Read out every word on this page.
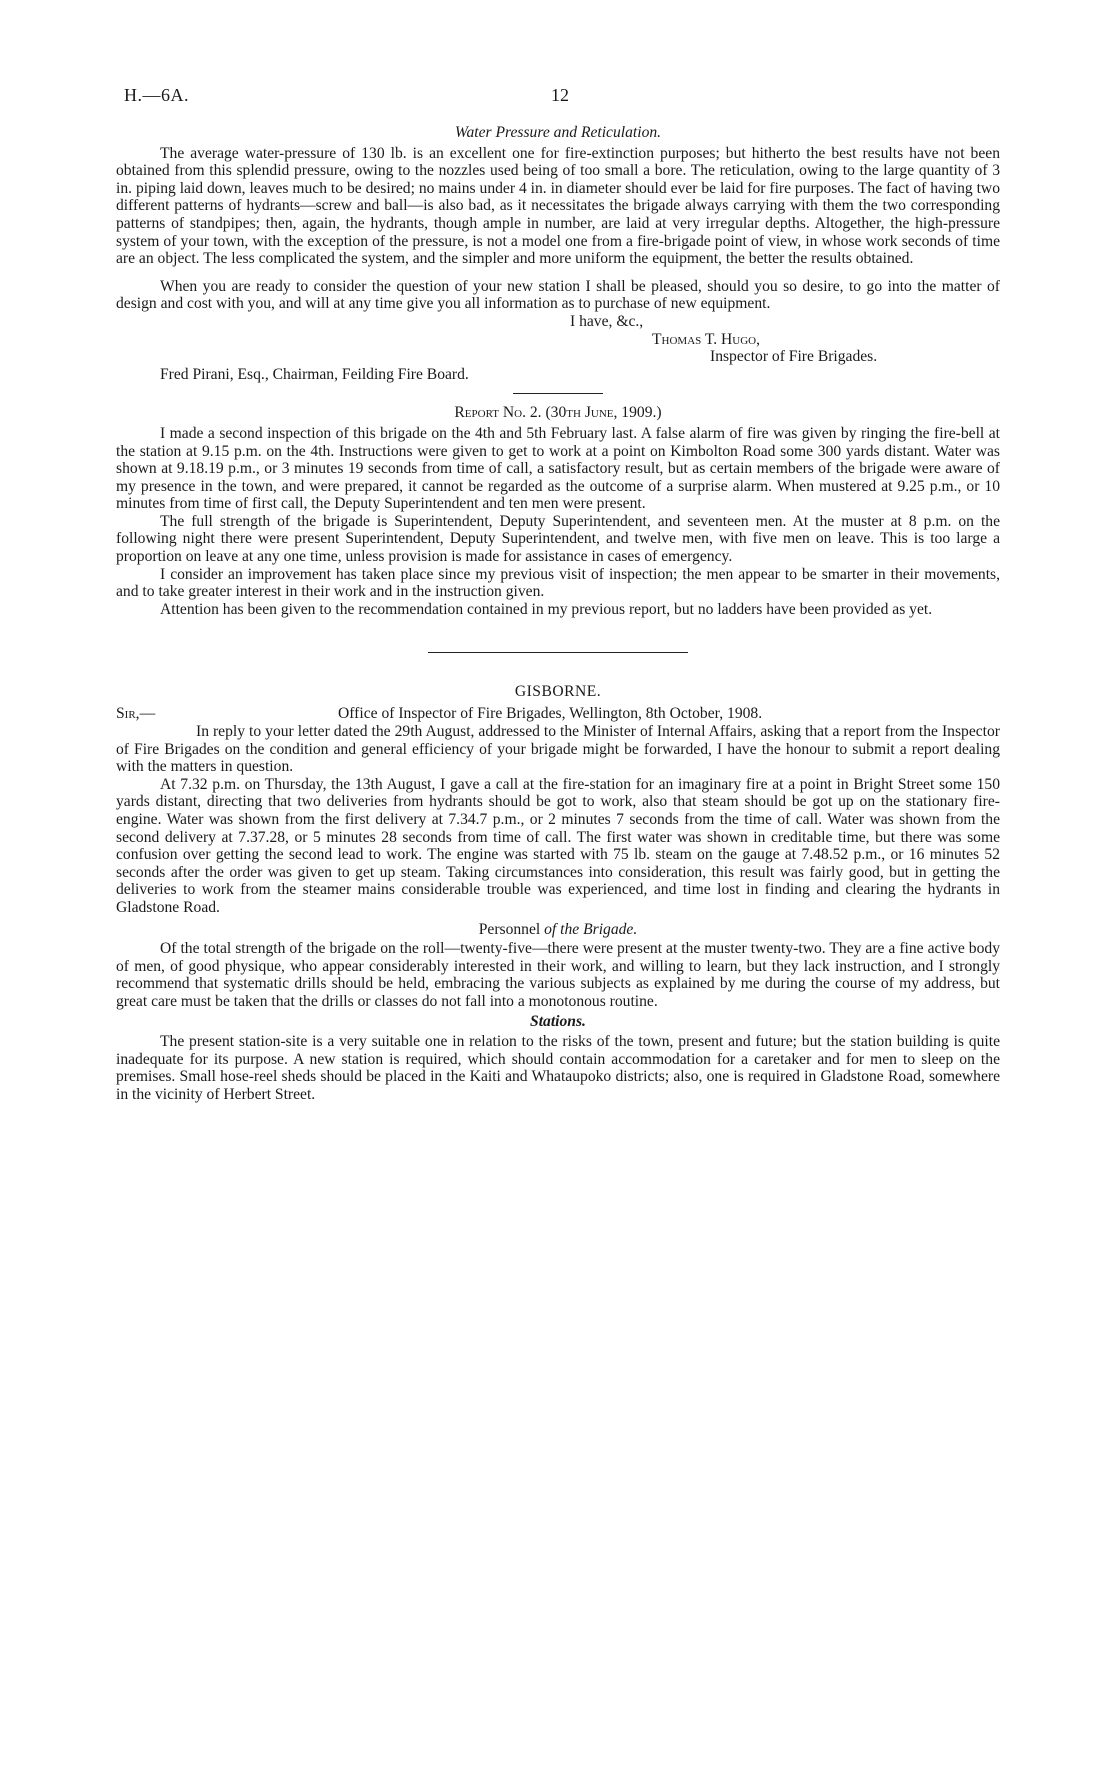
H.—6A.	12
Water Pressure and Reticulation.

The average water-pressure of 130 lb. is an excellent one for fire-extinction purposes; but hitherto the best results have not been obtained from this splendid pressure, owing to the nozzles used being of too small a bore. The reticulation, owing to the large quantity of 3 in. piping laid down, leaves much to be desired; no mains under 4 in. in diameter should ever be laid for fire purposes. The fact of having two different patterns of hydrants—screw and ball—is also bad, as it necessitates the brigade always carrying with them the two corresponding patterns of standpipes; then, again, the hydrants, though ample in number, are laid at very irregular depths. Altogether, the high-pressure system of your town, with the exception of the pressure, is not a model one from a fire-brigade point of view, in whose work seconds of time are an object. The less complicated the system, and the simpler and more uniform the equipment, the better the results obtained.

When you are ready to consider the question of your new station I shall be pleased, should you so desire, to go into the matter of design and cost with you, and will at any time give you all information as to purchase of new equipment.

I have, &c.,
Thomas T. Hugo,
Inspector of Fire Brigades.
Fred Pirani, Esq., Chairman, Feilding Fire Board.
Report No. 2. (30th June, 1909.)

I made a second inspection of this brigade on the 4th and 5th February last. A false alarm of fire was given by ringing the fire-bell at the station at 9.15 p.m. on the 4th. Instructions were given to get to work at a point on Kimbolton Road some 300 yards distant. Water was shown at 9.18.19 p.m., or 3 minutes 19 seconds from time of call, a satisfactory result, but as certain members of the brigade were aware of my presence in the town, and were prepared, it cannot be regarded as the outcome of a surprise alarm. When mustered at 9.25 p.m., or 10 minutes from time of first call, the Deputy Superintendent and ten men were present.

The full strength of the brigade is Superintendent, Deputy Superintendent, and seventeen men. At the muster at 8 p.m. on the following night there were present Superintendent, Deputy Superintendent, and twelve men, with five men on leave. This is too large a proportion on leave at any one time, unless provision is made for assistance in cases of emergency.

I consider an improvement has taken place since my previous visit of inspection; the men appear to be smarter in their movements, and to take greater interest in their work and in the instruction given.

Attention has been given to the recommendation contained in my previous report, but no ladders have been provided as yet.

GISBORNE.
Sir,—	Office of Inspector of Fire Brigades, Wellington, 8th October, 1908.

In reply to your letter dated the 29th August, addressed to the Minister of Internal Affairs, asking that a report from the Inspector of Fire Brigades on the condition and general efficiency of your brigade might be forwarded, I have the honour to submit a report dealing with the matters in question.

At 7.32 p.m. on Thursday, the 13th August, I gave a call at the fire-station for an imaginary fire at a point in Bright Street some 150 yards distant, directing that two deliveries from hydrants should be got to work, also that steam should be got up on the stationary fire-engine. Water was shown from the first delivery at 7.34.7 p.m., or 2 minutes 7 seconds from the time of call. Water was shown from the second delivery at 7.37.28, or 5 minutes 28 seconds from time of call. The first water was shown in creditable time, but there was some confusion over getting the second lead to work. The engine was started with 75 lb. steam on the gauge at 7.48.52 p.m., or 16 minutes 52 seconds after the order was given to get up steam. Taking circumstances into consideration, this result was fairly good, but in getting the deliveries to work from the steamer mains considerable trouble was experienced, and time lost in finding and clearing the hydrants in Gladstone Road.

Personnel of the Brigade.

Of the total strength of the brigade on the roll—twenty-five—there were present at the muster twenty-two. They are a fine active body of men, of good physique, who appear considerably interested in their work, and willing to learn, but they lack instruction, and I strongly recommend that systematic drills should be held, embracing the various subjects as explained by me during the course of my address, but great care must be taken that the drills or classes do not fall into a monotonous routine.

Stations.

The present station-site is a very suitable one in relation to the risks of the town, present and future; but the station building is quite inadequate for its purpose. A new station is required, which should contain accommodation for a caretaker and for men to sleep on the premises. Small hose-reel sheds should be placed in the Kaiti and Whataupoko districts; also, one is required in Gladstone Road, somewhere in the vicinity of Herbert Street.
